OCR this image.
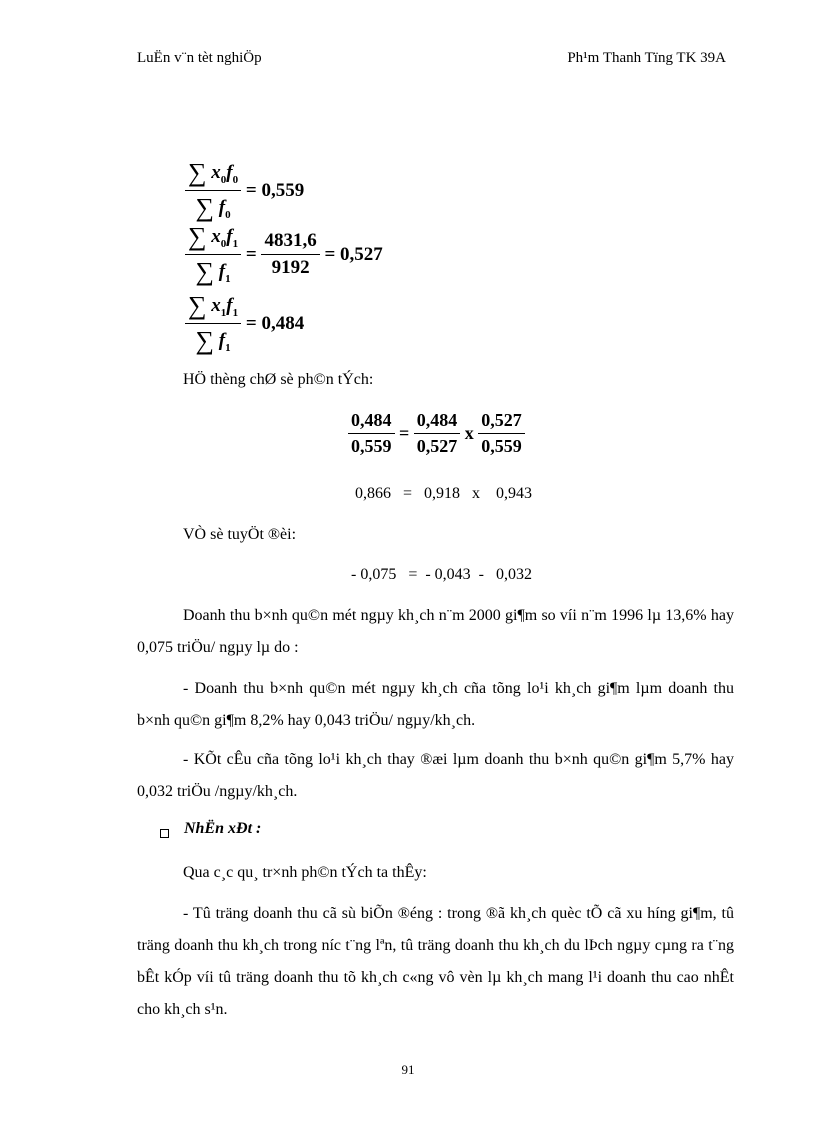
LuËn v¨n tèt nghiÖp	Ph¹m Thanh Tïng TK 39A
$\frac{\sum x_0f_0}{\sum f_0} = 0,559$
$\frac{\sum x_0f_1}{\sum f_1} = \frac{4831,6}{9192} = 0,527$
$\frac{\sum x_1f_1}{\sum f_1} = 0,484$
HÖ thèng chØ sè ph©n tÝch:
$\frac{0,484}{0,559} = \frac{0,484}{0,527}$ x $\frac{0,527}{0,559}$
0,866   =   0,918   x    0,943
VÒ sè tuyÖt ®èi:
- 0,075   =  - 0,043  -   0,032
Doanh thu b×nh qu©n mét ngµy kh¸ch n¨m 2000 gi¶m so víi n¨m 1996 lµ 13,6% hay 0,075 triÖu/ ngµy lµ do :
- Doanh thu b×nh qu©n mét ngµy kh¸ch cña tõng lo¹i kh¸ch gi¶m lµm doanh thu b×nh qu©n gi¶m 8,2% hay 0,043 triÖu/ ngµy/kh¸ch.
- KÕt cÊu cña tõng lo¹i kh¸ch thay ®æi lµm doanh thu b×nh qu©n gi¶m 5,7% hay 0,032 triÖu /ngµy/kh¸ch.
NhËn xÐt :
Qua c¸c qu¸ tr×nh ph©n tÝch ta thÊy:
- Tû träng doanh thu cã sù biÕn ®éng : trong ®ã kh¸ch quèc tÕ cã xu híng gi¶m, tû träng doanh thu kh¸ch trong níc t¨ng lªn, tû träng doanh thu kh¸ch du lÞch ngµy cµng ra t¨ng bÊt kÓp víi tû träng doanh thu tõ kh¸ch c«ng vô vèn lµ kh¸ch mang l¹i doanh thu cao nhÊt cho kh¸ch s¹n.
91
